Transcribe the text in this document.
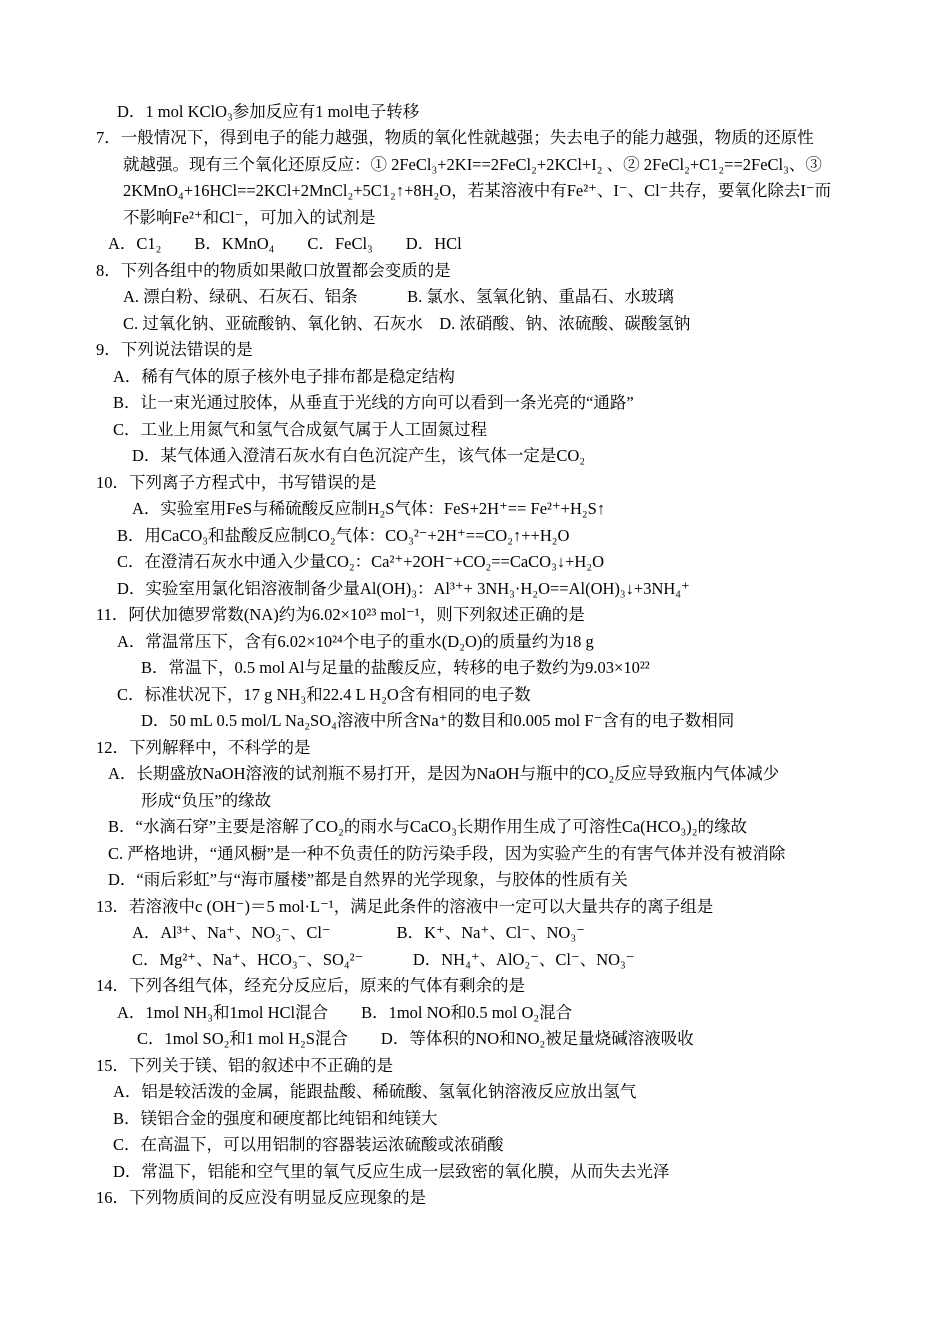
D．1 mol KClO₃参加反应有1 mol电子转移
7．一般情况下，得到电子的能力越强，物质的氧化性就越强；失去电子的能力越强，物质的还原性
就越强。现有三个氧化还原反应：① 2FeCl₃+2KI==2FeCl₂+2KCl+I₂ 、② 2FeCl₂+C1₂==2FeCl₃、③
2KMnO₄+16HCl==2KCl+2MnCl₂+5C1₂↑+8H₂O，若某溶液中有Fe²⁺、I⁻、Cl⁻共存，要氧化除去I⁻而
不影响Fe²⁺和Cl⁻，可加入的试剂是
A．C1₂　　B．KMnO₄　　C．FeCl₃　　D．HCl
8．下列各组中的物质如果敞口放置都会变质的是
A. 漂白粉、绿矾、石灰石、铝条　　　B. 氯水、氢氧化钠、重晶石、水玻璃
C. 过氧化钠、亚硫酸钠、氧化钠、石灰水　D. 浓硝酸、钠、浓硫酸、碳酸氢钠
9．下列说法错误的是
A．稀有气体的原子核外电子排布都是稳定结构
B．让一束光通过胶体，从垂直于光线的方向可以看到一条光亮的“通路”
C．工业上用氮气和氢气合成氨气属于人工固氮过程
D．某气体通入澄清石灰水有白色沉淀产生，该气体一定是CO₂
10．下列离子方程式中，书写错误的是
A．实验室用FeS与稀硫酸反应制H₂S气体：FeS+2H⁺== Fe²⁺+H₂S↑
B．用CaCO₃和盐酸反应制CO₂气体：CO₃²⁻+2H⁺==CO₂↑++H₂O
C．在澄清石灰水中通入少量CO₂：Ca²⁺+2OH⁻+CO₂==CaCO₃↓+H₂O
D．实验室用氯化铝溶液制备少量Al(OH)₃：Al³⁺+ 3NH₃·H₂O==Al(OH)₃↓+3NH₄⁺
11．阿伏加德罗常数(NA)约为6.02×10²³ mol⁻¹，则下列叙述正确的是
A．常温常压下，含有6.02×10²⁴个电子的重水(D₂O)的质量约为18 g
B．常温下，0.5 mol Al与足量的盐酸反应，转移的电子数约为9.03×10²²
C．标准状况下，17 g NH₃和22.4 L H₂O含有相同的电子数
D．50 mL 0.5 mol/L Na₂SO₄溶液中所含Na⁺的数目和0.005 mol F⁻含有的电子数相同
12．下列解释中，不科学的是
A．长期盛放NaOH溶液的试剂瓶不易打开，是因为NaOH与瓶中的CO₂反应导致瓶内气体减少
形成“负压”的缘故
B．“水滴石穿”主要是溶解了CO₂的雨水与CaCO₃长期作用生成了可溶性Ca(HCO₃)₂的缘故
C. 严格地讲，“通风橱”是一种不负责任的防污染手段，因为实验产生的有害气体并没有被消除
D．“雨后彩虹”与“海市蜃楼”都是自然界的光学现象，与胶体的性质有关
13．若溶液中c (OH⁻)＝5 mol·L⁻¹，满足此条件的溶液中一定可以大量共存的离子组是
A．Al³⁺、Na⁺、NO₃⁻、Cl⁻　　　　B．K⁺、Na⁺、Cl⁻、NO₃⁻
C．Mg²⁺、Na⁺、HCO₃⁻、SO₄²⁻　　　D．NH₄⁺、AlO₂⁻、Cl⁻、NO₃⁻
14．下列各组气体，经充分反应后，原来的气体有剩余的是
A．1mol NH₃和1mol HCl混合　　B．1mol NO和0.5 mol O₂混合
C．1mol SO₂和1 mol H₂S混合　　D．等体积的NO和NO₂被足量烧碱溶液吸收
15．下列关于镁、铝的叙述中不正确的是
A．铝是较活泼的金属，能跟盐酸、稀硫酸、氢氧化钠溶液反应放出氢气
B．镁铝合金的强度和硬度都比纯铝和纯镁大
C．在高温下，可以用铝制的容器装运浓硫酸或浓硝酸
D．常温下，铝能和空气里的氧气反应生成一层致密的氧化膜，从而失去光泽
16．下列物质间的反应没有明显反应现象的是
